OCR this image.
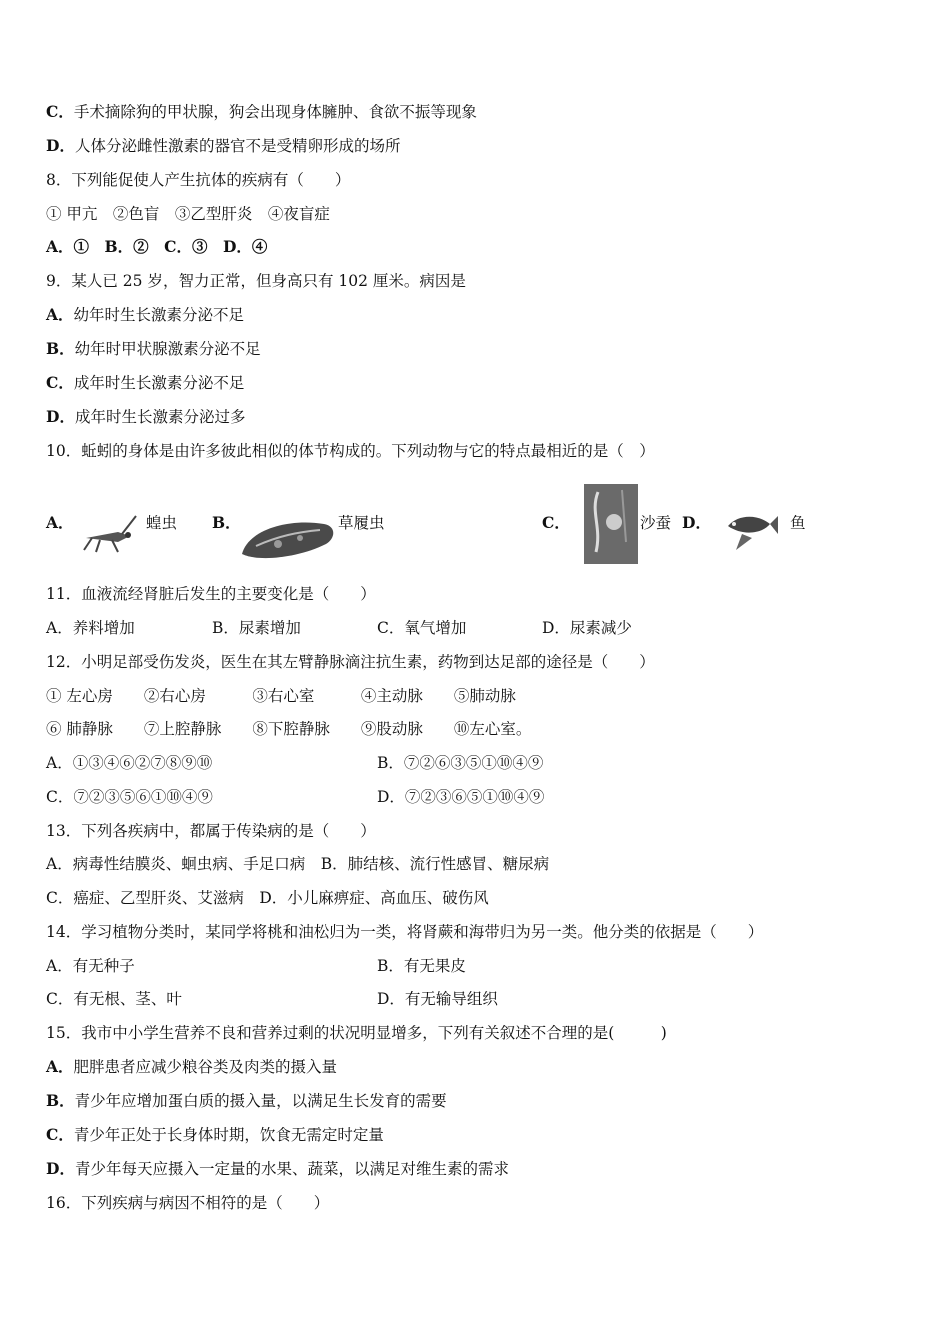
C．手术摘除狗的甲状腺，狗会出现身体臃肿、食欲不振等现象
D．人体分泌雌性激素的器官不是受精卵形成的场所
8．下列能促使人产生抗体的疾病有（　　）
① 甲亢　②色盲　③乙型肝炎　④夜盲症
A．①　B．②　C．③　D．④
9．某人已 25 岁，智力正常，但身高只有 102 厘米。病因是
A．幼年时生长激素分泌不足
B．幼年时甲状腺激素分泌不足
C．成年时生长激素分泌不足
D．成年时生长激素分泌过多
10．蚯蚓的身体是由许多彼此相似的体节构成的。下列动物与它的特点最相近的是（　）
A．	蝗虫 B．	草履虫	C．	沙蚕 D．	鱼
11．血液流经肾脏后发生的主要变化是（　　）
A．养料增加	B．尿素增加	C．氧气增加	D．尿素减少
12．小明足部受伤发炎，医生在其左臂静脉滴注抗生素，药物到达足部的途径是（　　）
① 左心房　　②右心房　　　③右心室　　　④主动脉　　⑤肺动脉
⑥ 肺静脉　　⑦上腔静脉　　⑧下腔静脉　　⑨股动脉　　⑩左心室。
A．①③④⑥②⑦⑧⑨⑩	B．⑦②⑥③⑤①⑩④⑨
C．⑦②③⑤⑥①⑩④⑨	D．⑦②③⑥⑤①⑩④⑨
13．下列各疾病中，都属于传染病的是（　　）
A．病毒性结膜炎、蛔虫病、手足口病　B．肺结核、流行性感冒、糖尿病
C．癌症、乙型肝炎、艾滋病　D．小儿麻痹症、高血压、破伤风
14．学习植物分类时，某同学将桃和油松归为一类，将肾蕨和海带归为另一类。他分类的依据是（　　）
A．有无种子	B．有无果皮
C．有无根、茎、叶	D．有无输导组织
15．我市中小学生营养不良和营养过剩的状况明显增多，下列有关叙述不合理的是(　　　)
A．肥胖患者应减少粮谷类及肉类的摄入量
B．青少年应增加蛋白质的摄入量，以满足生长发育的需要
C．青少年正处于长身体时期，饮食无需定时定量
D．青少年每天应摄入一定量的水果、蔬菜，以满足对维生素的需求
16．下列疾病与病因不相符的是（　　）
